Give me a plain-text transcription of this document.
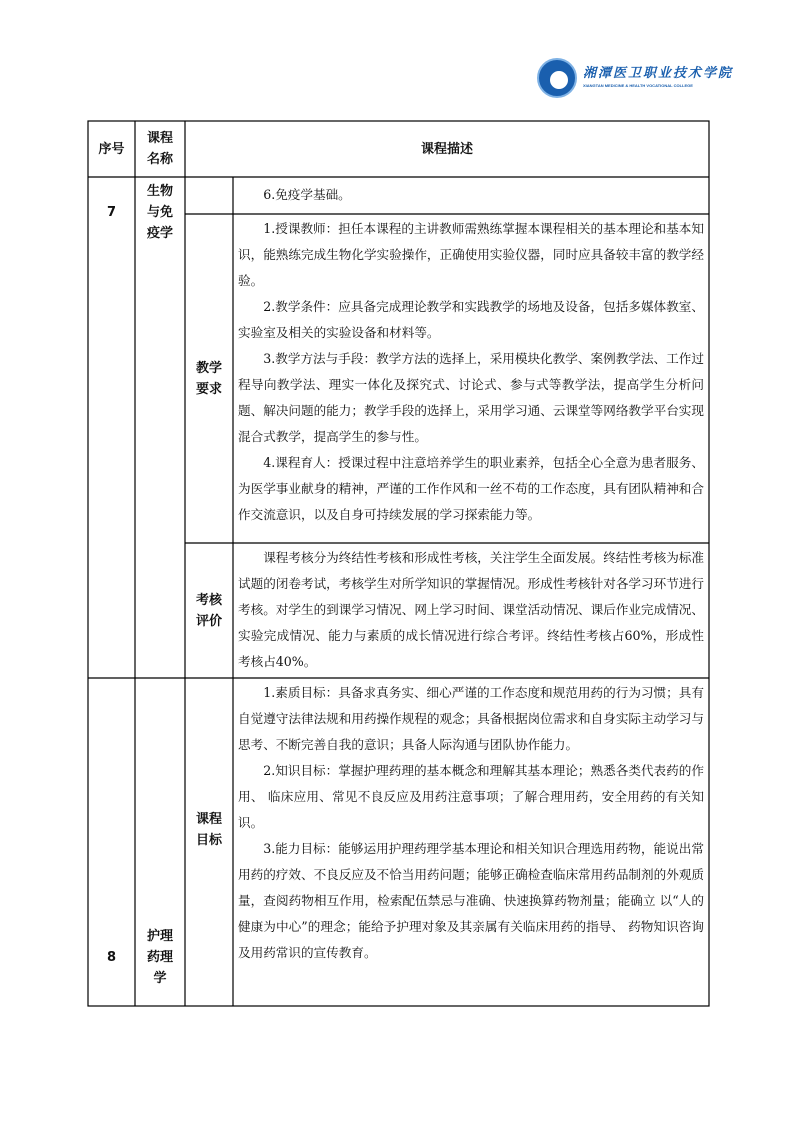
湘潭医卫职业技术学院
XIANGTAN MEDICINE & HEALTH VOCATIONAL COLLEGE
序号
课程名称
课程描述
7
生物与免疫学

6.免疫学基础。

教学要求

1.授课教师：担任本课程的主讲教师需熟练掌握本课程相关的基本理论和基本知识，能熟练完成生物化学实验操作，正确使用实验仪器，同时应具备较丰富的教学经验。

2.教学条件：应具备完成理论教学和实践教学的场地及设备，包括多媒体教室、实验室及相关的实验设备和材料等。

3.教学方法与手段：教学方法的选择上，采用模块化教学、案例教学法、工作过程导向教学法、理实一体化及探究式、讨论式、参与式等教学法，提高学生分析问题、解决问题的能力；教学手段的选择上，采用学习通、云课堂等网络教学平台实现混合式教学，提高学生的参与性。

4.课程育人：授课过程中注意培养学生的职业素养，包括全心全意为患者服务、为医学事业献身的精神，严谨的工作作风和一丝不苟的工作态度，具有团队精神和合作交流意识，以及自身可持续发展的学习探索能力等。

考核评价

课程考核分为终结性考核和形成性考核，关注学生全面发展。终结性考核为标准试题的闭卷考试，考核学生对所学知识的掌握情况。形成性考核针对各学习环节进行考核。对学生的到课学习情况、网上学习时间、课堂活动情况、课后作业完成情况、实验完成情况、能力与素质的成长情况进行综合考评。终结性考核占60%，形成性考核占40%。

8
护理药理学
课程目标

1.素质目标：具备求真务实、细心严谨的工作态度和规范用药的行为习惯；具有自觉遵守法律法规和用药操作规程的观念；具备根据岗位需求和自身实际主动学习与思考、不断完善自我的意识；具备人际沟通与团队协作能力。

2.知识目标：掌握护理药理的基本概念和理解其基本理论；熟悉各类代表药的作用、 临床应用、常见不良反应及用药注意事项；了解合理用药，安全用药的有关知识。

3.能力目标：能够运用护理药理学基本理论和相关知识合理选用药物，能说出常用药的疗效、不良反应及不恰当用药问题；能够正确检查临床常用药品制剂的外观质量，查阅药物相互作用，检索配伍禁忌与准确、快速换算药物剂量；能确立 以“人的健康为中心”的理念；能给予护理对象及其亲属有关临床用药的指导、 药物知识咨询及用药常识的宣传教育。
